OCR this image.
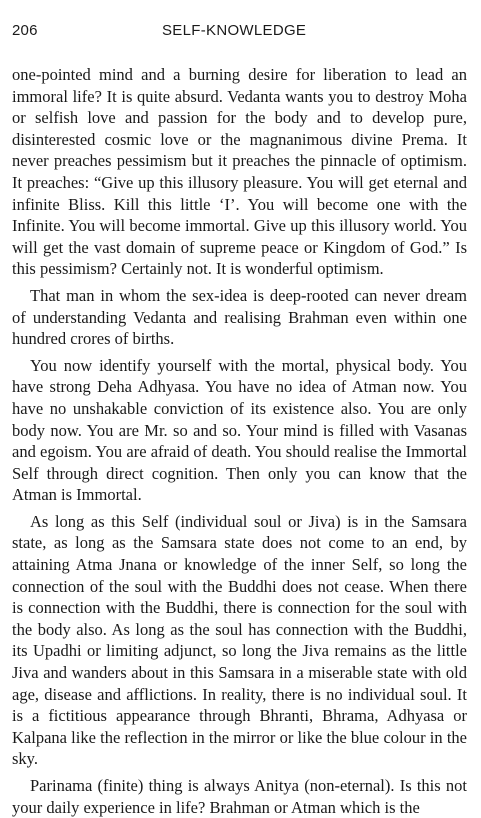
206	SELF-KNOWLEDGE

one-pointed mind and a burning desire for liberation to lead an immoral life? It is quite absurd. Vedanta wants you to destroy Moha or selfish love and passion for the body and to develop pure, disinterested cosmic love or the magnanimous divine Prema. It never preaches pessimism but it preaches the pinnacle of optimism. It preaches: “Give up this illusory pleasure. You will get eternal and infinite Bliss. Kill this little ‘I’. You will become one with the Infinite. You will become immortal. Give up this illusory world. You will get the vast domain of supreme peace or Kingdom of God.” Is this pessimism? Certainly not. It is wonderful optimism.

That man in whom the sex-idea is deep-rooted can never dream of understanding Vedanta and realising Brahman even within one hundred crores of births.

You now identify yourself with the mortal, physical body. You have strong Deha Adhyasa. You have no idea of Atman now. You have no unshakable conviction of its existence also. You are only body now. You are Mr. so and so. Your mind is filled with Vasanas and egoism. You are afraid of death. You should realise the Immortal Self through direct cognition. Then only you can know that the Atman is Immortal.

As long as this Self (individual soul or Jiva) is in the Samsara state, as long as the Samsara state does not come to an end, by attaining Atma Jnana or knowledge of the inner Self, so long the connection of the soul with the Buddhi does not cease. When there is connection with the Buddhi, there is connection for the soul with the body also. As long as the soul has connection with the Buddhi, its Upadhi or limiting adjunct, so long the Jiva remains as the little Jiva and wanders about in this Samsara in a miserable state with old age, disease and afflictions. In reality, there is no individual soul. It is a fictitious appearance through Bhranti, Bhrama, Adhyasa or Kalpana like the reflection in the mirror or like the blue colour in the sky.

Parinama (finite) thing is always Anitya (non-eternal). Is this not your daily experience in life? Brahman or Atman which is the
